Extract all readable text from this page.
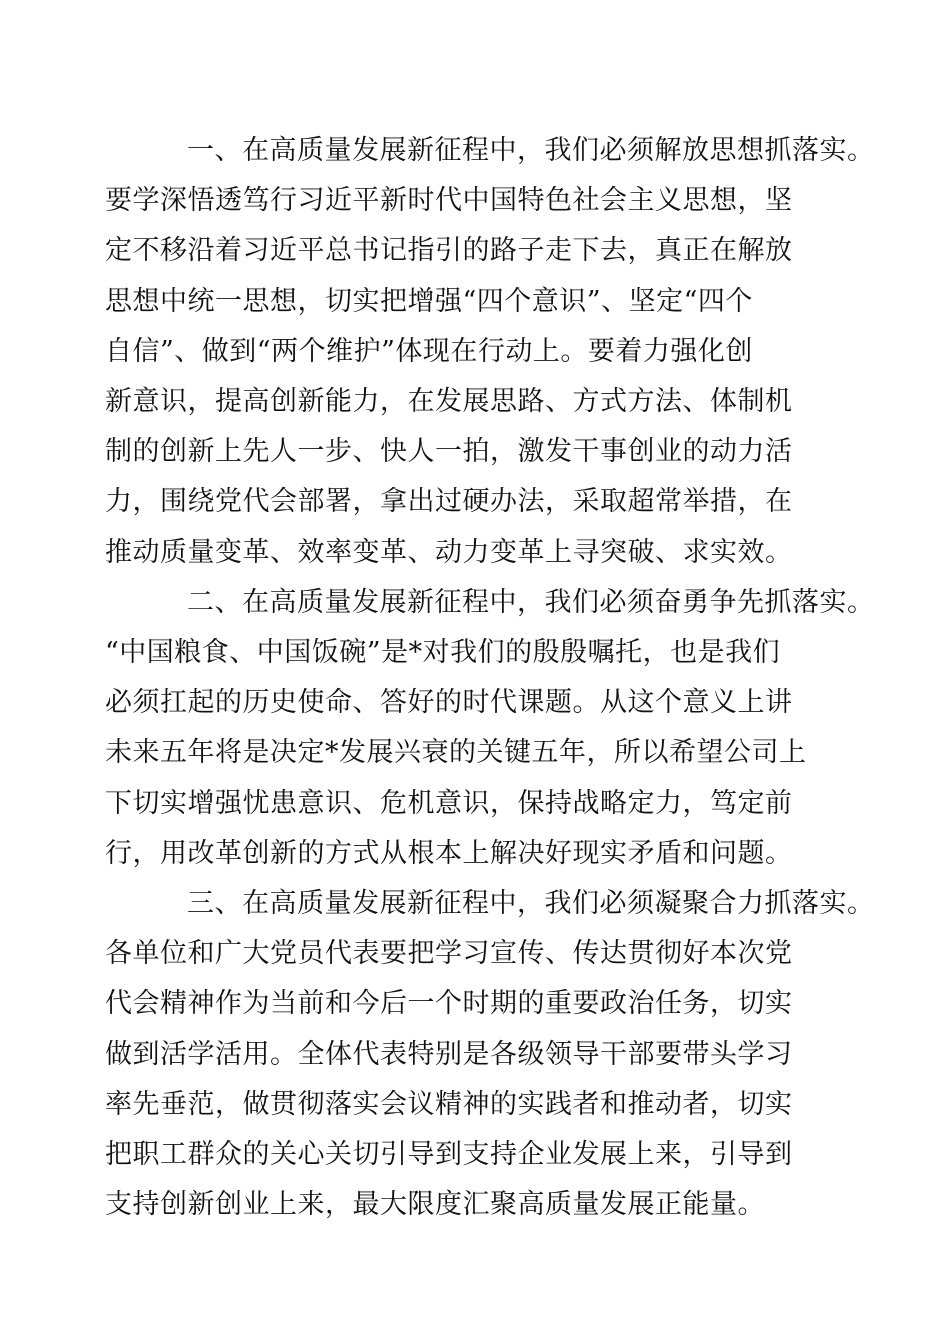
一、在高质量发展新征程中，我们必须解放思想抓落实。
要学深悟透笃行习近平新时代中国特色社会主义思想，坚
定不移沿着习近平总书记指引的路子走下去，真正在解放
思想中统一思想，切实把增强“四个意识”、坚定“四个
自信”、做到“两个维护”体现在行动上。要着力强化创
新意识，提高创新能力，在发展思路、方式方法、体制机
制的创新上先人一步、快人一拍，激发干事创业的动力活
力，围绕党代会部署，拿出过硬办法，采取超常举措，在
推动质量变革、效率变革、动力变革上寻突破、求实效。

二、在高质量发展新征程中，我们必须奋勇争先抓落实。
“中国粮食、中国饭碗”是*对我们的殷殷嘱托，也是我们
必须扛起的历史使命、答好的时代课题。从这个意义上讲
未来五年将是决定*发展兴衰的关键五年，所以希望公司上
下切实增强忧患意识、危机意识，保持战略定力，笃定前
行，用改革创新的方式从根本上解决好现实矛盾和问题。

三、在高质量发展新征程中，我们必须凝聚合力抓落实。
各单位和广大党员代表要把学习宣传、传达贯彻好本次党
代会精神作为当前和今后一个时期的重要政治任务，切实
做到活学活用。全体代表特别是各级领导干部要带头学习
率先垂范，做贯彻落实会议精神的实践者和推动者，切实
把职工群众的关心关切引导到支持企业发展上来，引导到
支持创新创业上来，最大限度汇聚高质量发展正能量。
